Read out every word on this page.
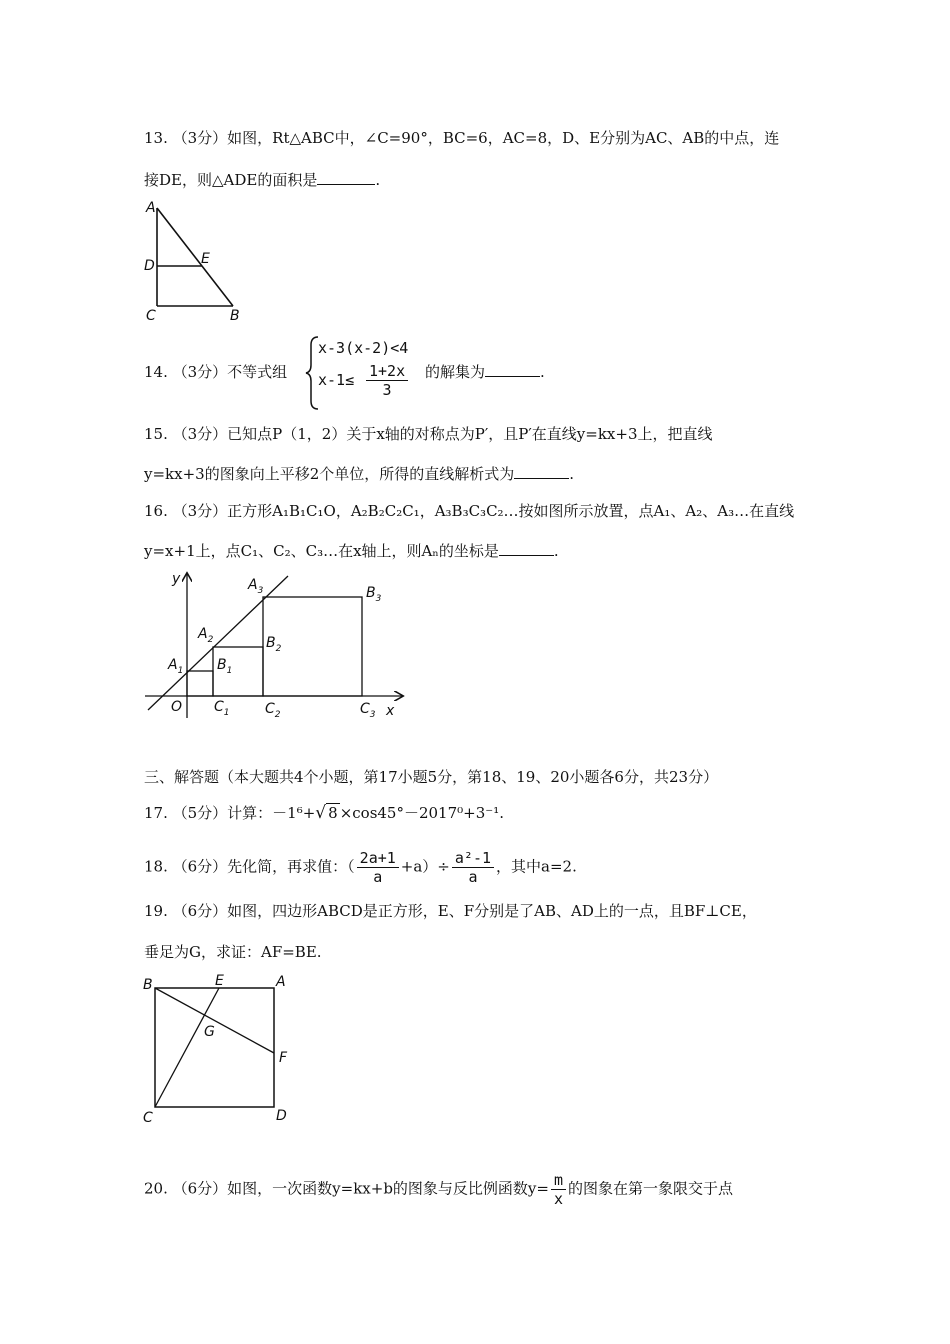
13. （3分）如图，Rt△ABC中，∠C=90°，BC=6，AC=8，D、E分别为AC、AB的中点，连
接DE，则△ADE的面积是	.
A
D	E
C	B
14. （3分）不等式组
x-3(x-2)<4
$x-1\le \frac{1+2x}{3}$ 的解集为	.
15. （3分）已知点P（1，2）关于x轴的对称点为P′，且P′在直线y=kx+3上，把直线
y=kx+3的图象向上平移2个单位，所得的直线解析式为	.
16. （3分）正方形A₁B₁C₁O，A₂B₂C₂C₁，A₃B₃C₃C₂…按如图所示放置，点A₁、A₂、A₃…在直线
y=x+1上，点C₁、C₂、C₃…在x轴上，则Aₙ的坐标是	.
y
x
O
$A_1$
$A_2$
$A_3$
$B_1$
$B_2$
$B_3$
$C_1$	$C_2$	$C_3$
三、解答题（本大题共4个小题，第17小题5分，第18、19、20小题各6分，共23分）
17. （5分）计算：－1⁶+√ 8 ×cos45°－2017⁰+3⁻¹.
18. （6分）先化简，再求值：（ $\frac{2a+1}{a} +a)\div \frac{\text{a²-1}}{a}$ ，其中a=2.
19. （6分）如图，四边形ABCD是正方形，E、F分别是了AB、AD上的一点，且BF⊥CE，
垂足为G，求证：AF=BE.
B	E	A
G
F
C	D
20. （6分）如图，一次函数y=kx+b的图象与反比例函数$y= \frac{m}{x}$ 的图象在第一象限交于点
